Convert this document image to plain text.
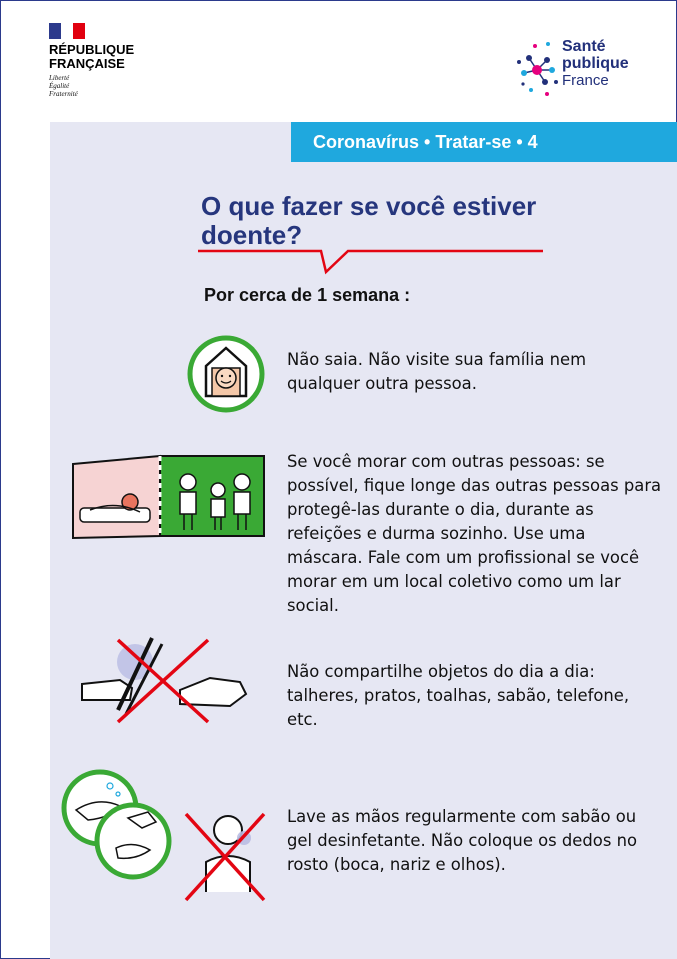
RÉPUBLIQUE
FRANÇAISE
Liberté
Égalité
Fraternité
Santé
publique
France
Coronavírus • Tratar-se • 4
O que fazer se você estiver doente?
Por cerca de 1 semana :
Não saia. Não visite sua família nem qualquer outra pessoa.
Se você morar com outras pessoas: se possível, fique longe das outras pessoas para protegê-las durante o dia, durante as refeições e durma sozinho. Use uma máscara. Fale com um profissional se você morar em um local coletivo como um lar social.
Não compartilhe objetos do dia a dia: talheres, pratos, toalhas, sabão, telefone, etc.
Lave as mãos regularmente com sabão ou gel desinfetante. Não coloque os dedos no rosto (boca, nariz e olhos).
